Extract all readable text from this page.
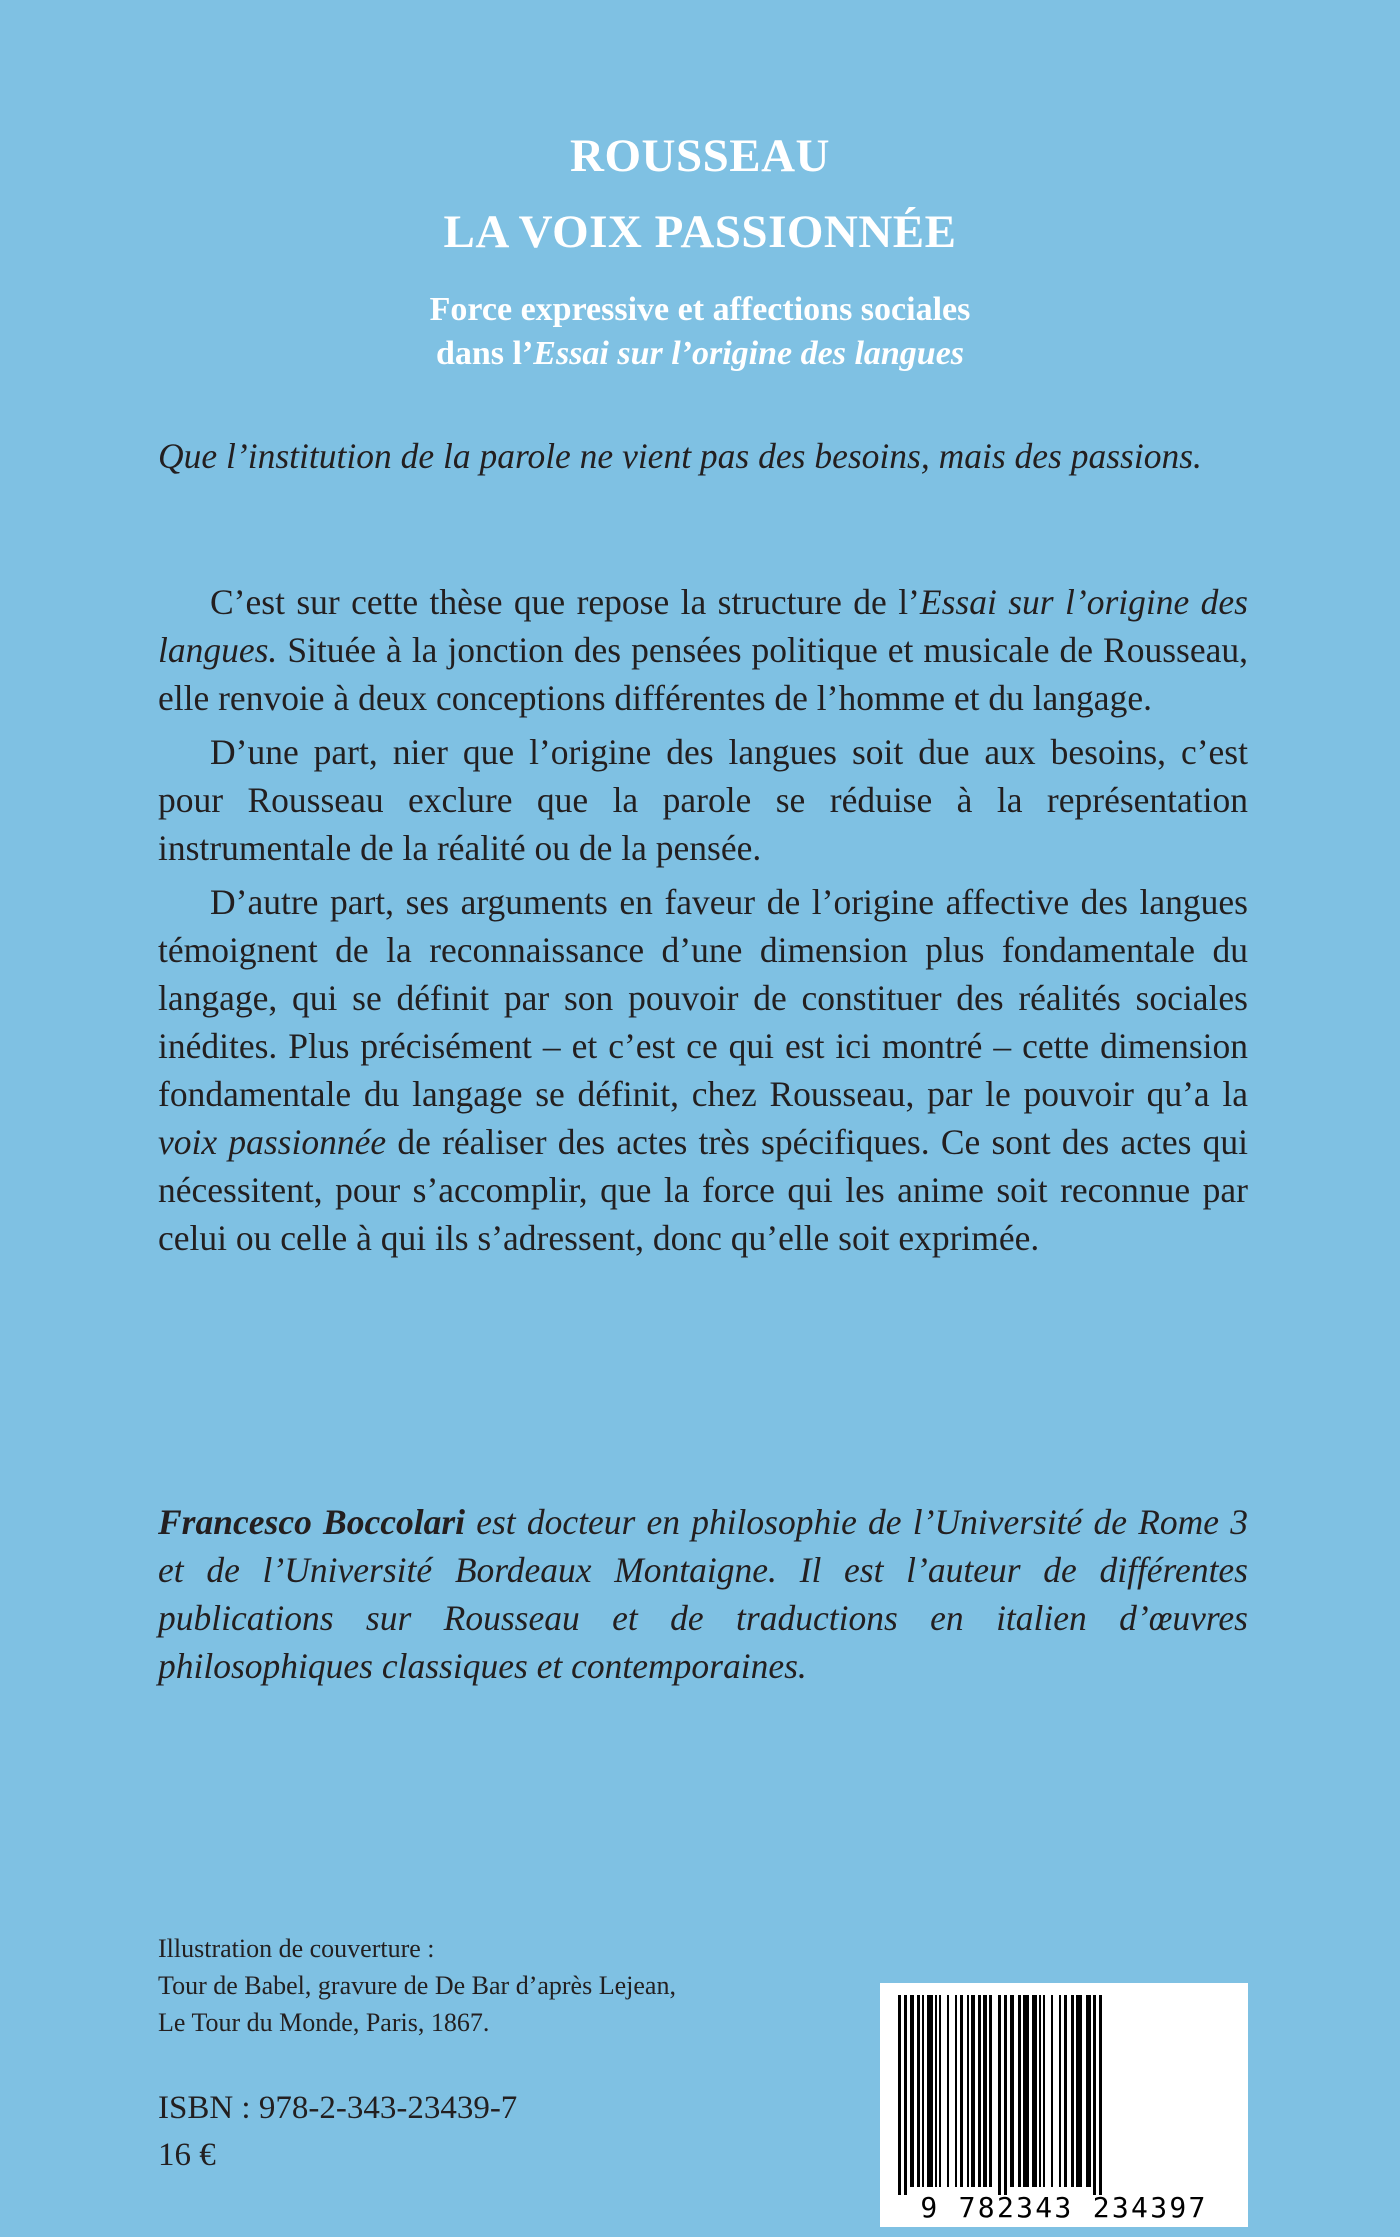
ROUSSEAU
LA VOIX PASSIONNÉE
Force expressive et affections sociales
dans l’Essai sur l’origine des langues
Que l’institution de la parole ne vient pas des besoins, mais des passions.

C’est sur cette thèse que repose la structure de l’Essai sur l’origine des langues. Située à la jonction des pensées politique et musicale de Rousseau, elle renvoie à deux conceptions différentes de l’homme et du langage.

D’une part, nier que l’origine des langues soit due aux besoins, c’est pour Rousseau exclure que la parole se réduise à la représentation instrumentale de la réalité ou de la pensée.

D’autre part, ses arguments en faveur de l’origine affective des langues témoignent de la reconnaissance d’une dimension plus fondamentale du langage, qui se définit par son pouvoir de constituer des réalités sociales inédites. Plus précisément – et c’est ce qui est ici montré – cette dimension fondamentale du langage se définit, chez Rousseau, par le pouvoir qu’a la voix passionnée de réaliser des actes très spécifiques. Ce sont des actes qui nécessitent, pour s’accomplir, que la force qui les anime soit reconnue par celui ou celle à qui ils s’adressent, donc qu’elle soit exprimée.

Francesco Boccolari est docteur en philosophie de l’Université de Rome 3 et de l’Université Bordeaux Montaigne. Il est l’auteur de différentes publications sur Rousseau et de traductions en italien d’œuvres philosophiques classiques et contemporaines.
Illustration de couverture :
Tour de Babel, gravure de De Bar d’après Lejean,
Le Tour du Monde, Paris, 1867.
ISBN : 978-2-343-23439-7
16 €
9 782343 234397
